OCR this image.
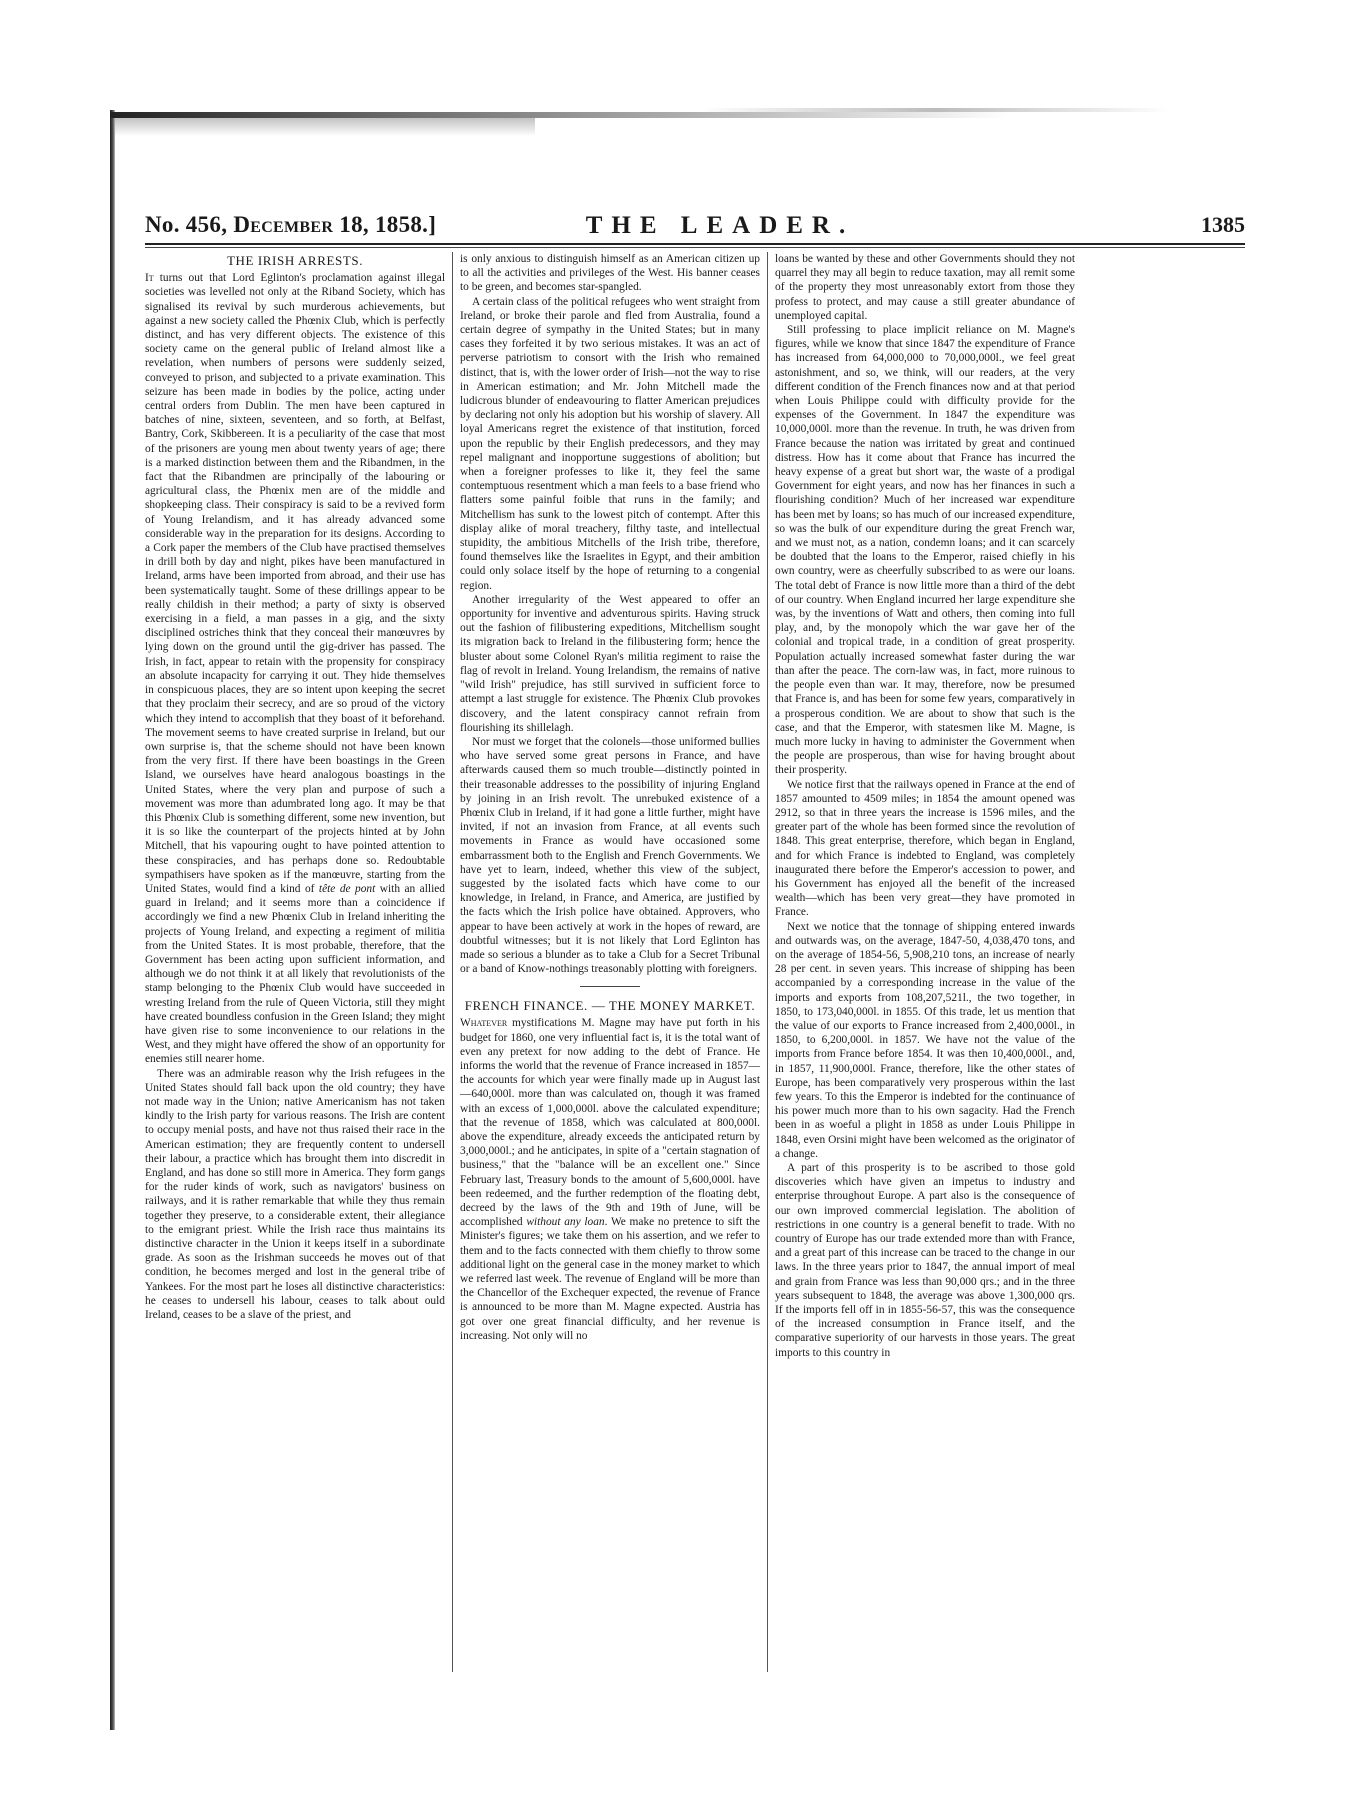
No. 456, December 18, 1858.]	THE LEADER.	1385
THE IRISH ARRESTS.

It turns out that Lord Eglinton's proclamation against illegal societies was levelled not only at the Riband Society, which has signalised its revival by such murderous achievements, but against a new society called the Phœnix Club, which is perfectly distinct, and has very different objects. The existence of this society came on the general public of Ireland almost like a revelation, when numbers of persons were suddenly seized, conveyed to prison, and subjected to a private examination. This seizure has been made in bodies by the police, acting under central orders from Dublin. The men have been captured in batches of nine, sixteen, seventeen, and so forth, at Belfast, Bantry, Cork, Skibbereen. It is a peculiarity of the case that most of the prisoners are young men about twenty years of age; there is a marked distinction between them and the Ribandmen, in the fact that the Ribandmen are principally of the labouring or agricultural class, the Phœnix men are of the middle and shopkeeping class. Their conspiracy is said to be a revived form of Young Irelandism, and it has already advanced some considerable way in the preparation for its designs. According to a Cork paper the members of the Club have practised themselves in drill both by day and night, pikes have been manufactured in Ireland, arms have been imported from abroad, and their use has been systematically taught. Some of these drillings appear to be really childish in their method; a party of sixty is observed exercising in a field, a man passes in a gig, and the sixty disciplined ostriches think that they conceal their manœuvres by lying down on the ground until the gig-driver has passed. The Irish, in fact, appear to retain with the propensity for conspiracy an absolute incapacity for carrying it out. They hide themselves in conspicuous places, they are so intent upon keeping the secret that they proclaim their secrecy, and are so proud of the victory which they intend to accomplish that they boast of it beforehand. The movement seems to have created surprise in Ireland, but our own surprise is, that the scheme should not have been known from the very first. If there have been boastings in the Green Island, we ourselves have heard analogous boastings in the United States, where the very plan and purpose of such a movement was more than adumbrated long ago. It may be that this Phœnix Club is something different, some new invention, but it is so like the counterpart of the projects hinted at by John Mitchell, that his vapouring ought to have pointed attention to these conspiracies, and has perhaps done so. Redoubtable sympathisers have spoken as if the manœuvre, starting from the United States, would find a kind of tête de pont with an allied guard in Ireland; and it seems more than a coincidence if accordingly we find a new Phœnix Club in Ireland inheriting the projects of Young Ireland, and expecting a regiment of militia from the United States. It is most probable, therefore, that the Government has been acting upon sufficient information, and although we do not think it at all likely that revolutionists of the stamp belonging to the Phœnix Club would have succeeded in wresting Ireland from the rule of Queen Victoria, still they might have created boundless confusion in the Green Island; they might have given rise to some inconvenience to our relations in the West, and they might have offered the show of an opportunity for enemies still nearer home.

There was an admirable reason why the Irish refugees in the United States should fall back upon the old country; they have not made way in the Union; native Americanism has not taken kindly to the Irish party for various reasons. The Irish are content to occupy menial posts, and have not thus raised their race in the American estimation; they are frequently content to undersell their labour, a practice which has brought them into discredit in England, and has done so still more in America. They form gangs for the ruder kinds of work, such as navigators' business on railways, and it is rather remarkable that while they thus remain together they preserve, to a considerable extent, their allegiance to the emigrant priest. While the Irish race thus maintains its distinctive character in the Union it keeps itself in a subordinate grade. As soon as the Irishman succeeds he moves out of that condition, he becomes merged and lost in the general tribe of Yankees. For the most part he loses all distinctive characteristics: he ceases to undersell his labour, ceases to talk about ould Ireland, ceases to be a slave of the priest, and

is only anxious to distinguish himself as an American citizen up to all the activities and privileges of the West. His banner ceases to be green, and becomes star-spangled.

A certain class of the political refugees who went straight from Ireland, or broke their parole and fled from Australia, found a certain degree of sympathy in the United States; but in many cases they forfeited it by two serious mistakes. It was an act of perverse patriotism to consort with the Irish who remained distinct, that is, with the lower order of Irish—not the way to rise in American estimation; and Mr. John Mitchell made the ludicrous blunder of endeavouring to flatter American prejudices by declaring not only his adoption but his worship of slavery. All loyal Americans regret the existence of that institution, forced upon the republic by their English predecessors, and they may repel malignant and inopportune suggestions of abolition; but when a foreigner professes to like it, they feel the same contemptuous resentment which a man feels to a base friend who flatters some painful foible that runs in the family; and Mitchellism has sunk to the lowest pitch of contempt. After this display alike of moral treachery, filthy taste, and intellectual stupidity, the ambitious Mitchells of the Irish tribe, therefore, found themselves like the Israelites in Egypt, and their ambition could only solace itself by the hope of returning to a congenial region.

Another irregularity of the West appeared to offer an opportunity for inventive and adventurous spirits. Having struck out the fashion of filibustering expeditions, Mitchellism sought its migration back to Ireland in the filibustering form; hence the bluster about some Colonel Ryan's militia regiment to raise the flag of revolt in Ireland. Young Irelandism, the remains of native "wild Irish" prejudice, has still survived in sufficient force to attempt a last struggle for existence. The Phœnix Club provokes discovery, and the latent conspiracy cannot refrain from flourishing its shillelagh.

Nor must we forget that the colonels—those uniformed bullies who have served some great persons in France, and have afterwards caused them so much trouble—distinctly pointed in their treasonable addresses to the possibility of injuring England by joining in an Irish revolt. The unrebuked existence of a Phœnix Club in Ireland, if it had gone a little further, might have invited, if not an invasion from France, at all events such movements in France as would have occasioned some embarrassment both to the English and French Governments. We have yet to learn, indeed, whether this view of the subject, suggested by the isolated facts which have come to our knowledge, in Ireland, in France, and America, are justified by the facts which the Irish police have obtained. Approvers, who appear to have been actively at work in the hopes of reward, are doubtful witnesses; but it is not likely that Lord Eglinton has made so serious a blunder as to take a Club for a Secret Tribunal or a band of Know-nothings treasonably plotting with foreigners.

FRENCH FINANCE. — THE MONEY MARKET.

Whatever mystifications M. Magne may have put forth in his budget for 1860, one very influential fact is, it is the total want of even any pretext for now adding to the debt of France. He informs the world that the revenue of France increased in 1857—the accounts for which year were finally made up in August last—640,000l. more than was calculated on, though it was framed with an excess of 1,000,000l. above the calculated expenditure; that the revenue of 1858, which was calculated at 800,000l. above the expenditure, already exceeds the anticipated return by 3,000,000l.; and he anticipates, in spite of a "certain stagnation of business," that the "balance will be an excellent one." Since February last, Treasury bonds to the amount of 5,600,000l. have been redeemed, and the further redemption of the floating debt, decreed by the laws of the 9th and 19th of June, will be accomplished without any loan. We make no pretence to sift the Minister's figures; we take them on his assertion, and we refer to them and to the facts connected with them chiefly to throw some additional light on the general case in the money market to which we referred last week. The revenue of England will be more than the Chancellor of the Exchequer expected, the revenue of France is announced to be more than M. Magne expected. Austria has got over one great financial difficulty, and her revenue is increasing. Not only will no

loans be wanted by these and other Governments should they not quarrel they may all begin to reduce taxation, may all remit some of the property they most unreasonably extort from those they profess to protect, and may cause a still greater abundance of unemployed capital.

Still professing to place implicit reliance on M. Magne's figures, while we know that since 1847 the expenditure of France has increased from 64,000,000 to 70,000,000l., we feel great astonishment, and so, we think, will our readers, at the very different condition of the French finances now and at that period when Louis Philippe could with difficulty provide for the expenses of the Government. In 1847 the expenditure was 10,000,000l. more than the revenue. In truth, he was driven from France because the nation was irritated by great and continued distress. How has it come about that France has incurred the heavy expense of a great but short war, the waste of a prodigal Government for eight years, and now has her finances in such a flourishing condition? Much of her increased war expenditure has been met by loans; so has much of our increased expenditure, so was the bulk of our expenditure during the great French war, and we must not, as a nation, condemn loans; and it can scarcely be doubted that the loans to the Emperor, raised chiefly in his own country, were as cheerfully subscribed to as were our loans. The total debt of France is now little more than a third of the debt of our country. When England incurred her large expenditure she was, by the inventions of Watt and others, then coming into full play, and, by the monopoly which the war gave her of the colonial and tropical trade, in a condition of great prosperity. Population actually increased somewhat faster during the war than after the peace. The corn-law was, in fact, more ruinous to the people even than war. It may, therefore, now be presumed that France is, and has been for some few years, comparatively in a prosperous condition. We are about to show that such is the case, and that the Emperor, with statesmen like M. Magne, is much more lucky in having to administer the Government when the people are prosperous, than wise for having brought about their prosperity.

We notice first that the railways opened in France at the end of 1857 amounted to 4509 miles; in 1854 the amount opened was 2912, so that in three years the increase is 1596 miles, and the greater part of the whole has been formed since the revolution of 1848. This great enterprise, therefore, which began in England, and for which France is indebted to England, was completely inaugurated there before the Emperor's accession to power, and his Government has enjoyed all the benefit of the increased wealth—which has been very great—they have promoted in France.

Next we notice that the tonnage of shipping entered inwards and outwards was, on the average, 1847-50, 4,038,470 tons, and on the average of 1854-56, 5,908,210 tons, an increase of nearly 28 per cent. in seven years. This increase of shipping has been accompanied by a corresponding increase in the value of the imports and exports from 108,207,521l., the two together, in 1850, to 173,040,000l. in 1855. Of this trade, let us mention that the value of our exports to France increased from 2,400,000l., in 1850, to 6,200,000l. in 1857. We have not the value of the imports from France before 1854. It was then 10,400,000l., and, in 1857, 11,900,000l. France, therefore, like the other states of Europe, has been comparatively very prosperous within the last few years. To this the Emperor is indebted for the continuance of his power much more than to his own sagacity. Had the French been in as woeful a plight in 1858 as under Louis Philippe in 1848, even Orsini might have been welcomed as the originator of a change.

A part of this prosperity is to be ascribed to those gold discoveries which have given an impetus to industry and enterprise throughout Europe. A part also is the consequence of our own improved commercial legislation. The abolition of restrictions in one country is a general benefit to trade. With no country of Europe has our trade extended more than with France, and a great part of this increase can be traced to the change in our laws. In the three years prior to 1847, the annual import of meal and grain from France was less than 90,000 qrs.; and in the three years subsequent to 1848, the average was above 1,300,000 qrs. If the imports fell off in in 1855-56-57, this was the consequence of the increased consumption in France itself, and the comparative superiority of our harvests in those years. The great imports to this country in
